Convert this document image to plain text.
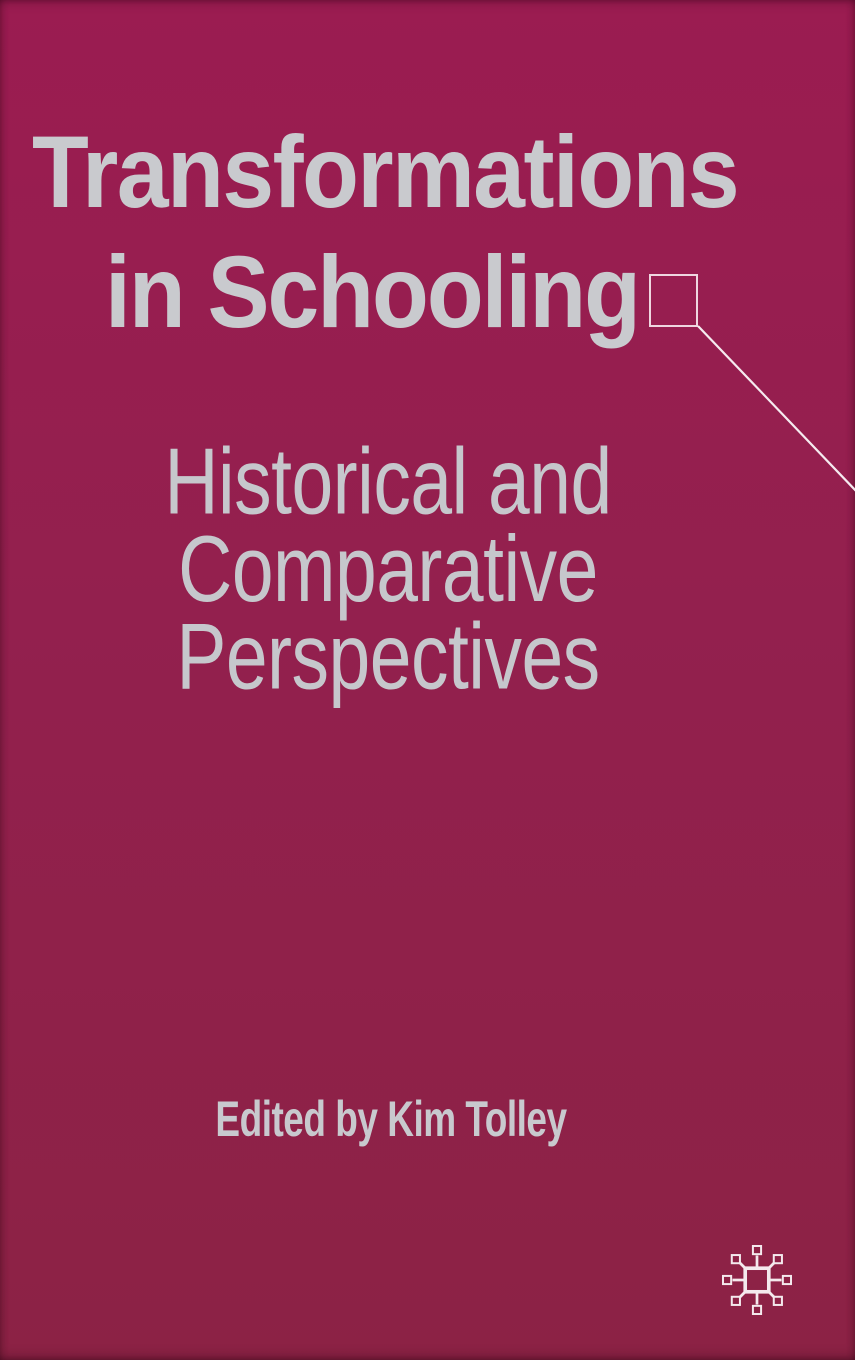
Transformations
in Schooling
Historical and
Comparative
Perspectives
Edited by Kim Tolley
